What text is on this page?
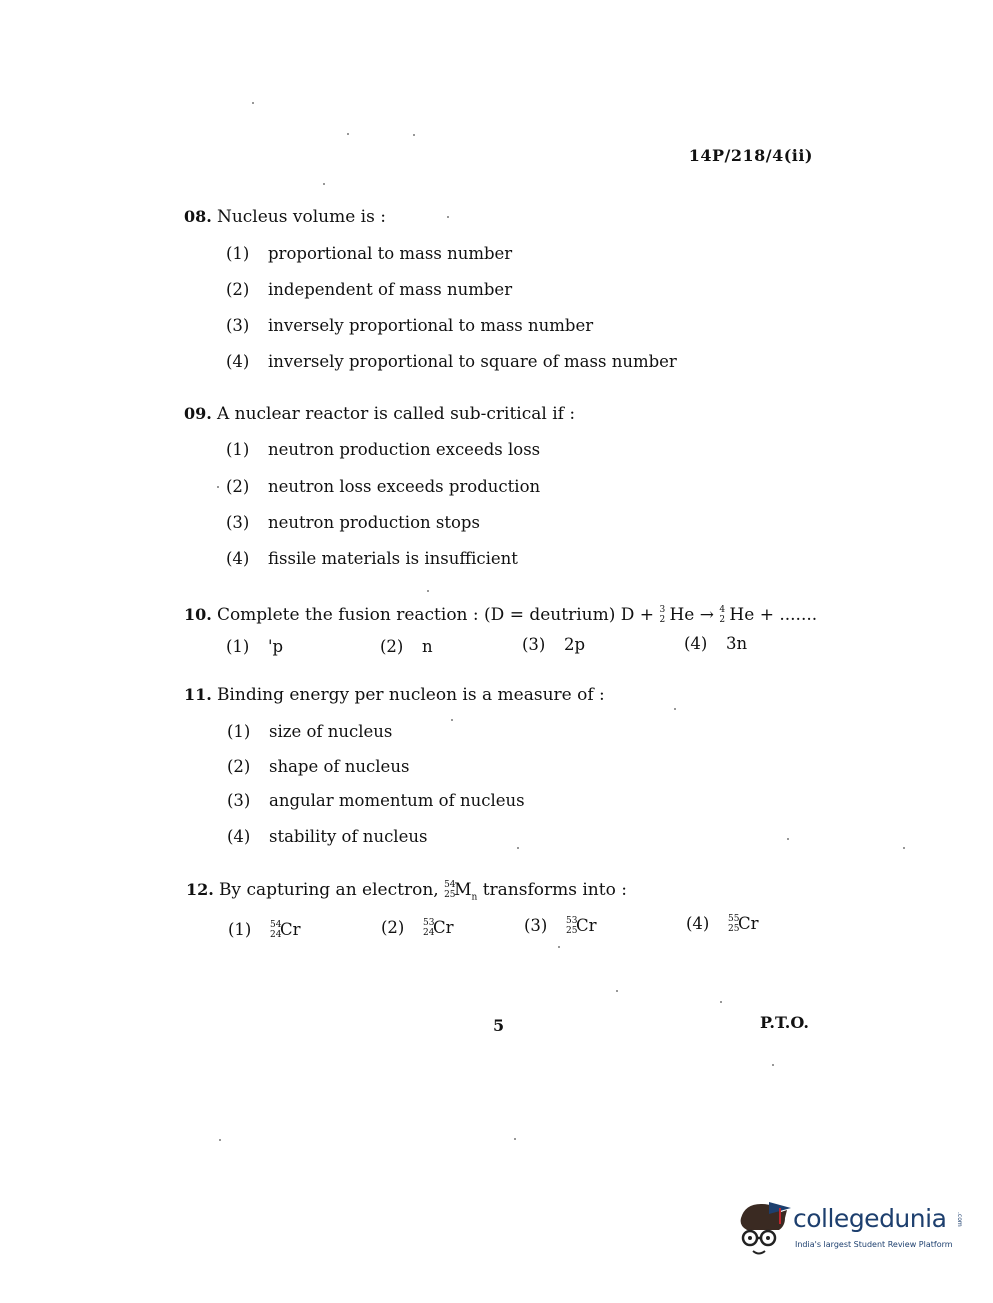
14P/218/4(ii)
08. Nucleus volume is :
(1) proportional to mass number
(2) independent of mass number
(3) inversely proportional to mass number
(4) inversely proportional to square of mass number
09. A nuclear reactor is called sub-critical if :
(1) neutron production exceeds loss
(2) neutron loss exceeds production
(3) neutron production stops
(4) fissile materials is insufficient
10. Complete the fusion reaction : (D = deutrium) D + 3
2 He → 4
2 He + .......
(1) 'p	(2) n	(3) 2p	(4) 3n
11. Binding energy per nucleon is a measure of :
(1) size of nucleus
(2) shape of nucleus
(3) angular momentum of nucleus
(4) stability of nucleus
12. By capturing an electron, 54
25
$M_n$ transforms into :
(1) 54
24
Cr	(2) 53
24
Cr	(3) 53
25
Cr	(4) 55
25
Cr
5	P.T.O.
collegedunia .com
India's largest Student Review Platform
